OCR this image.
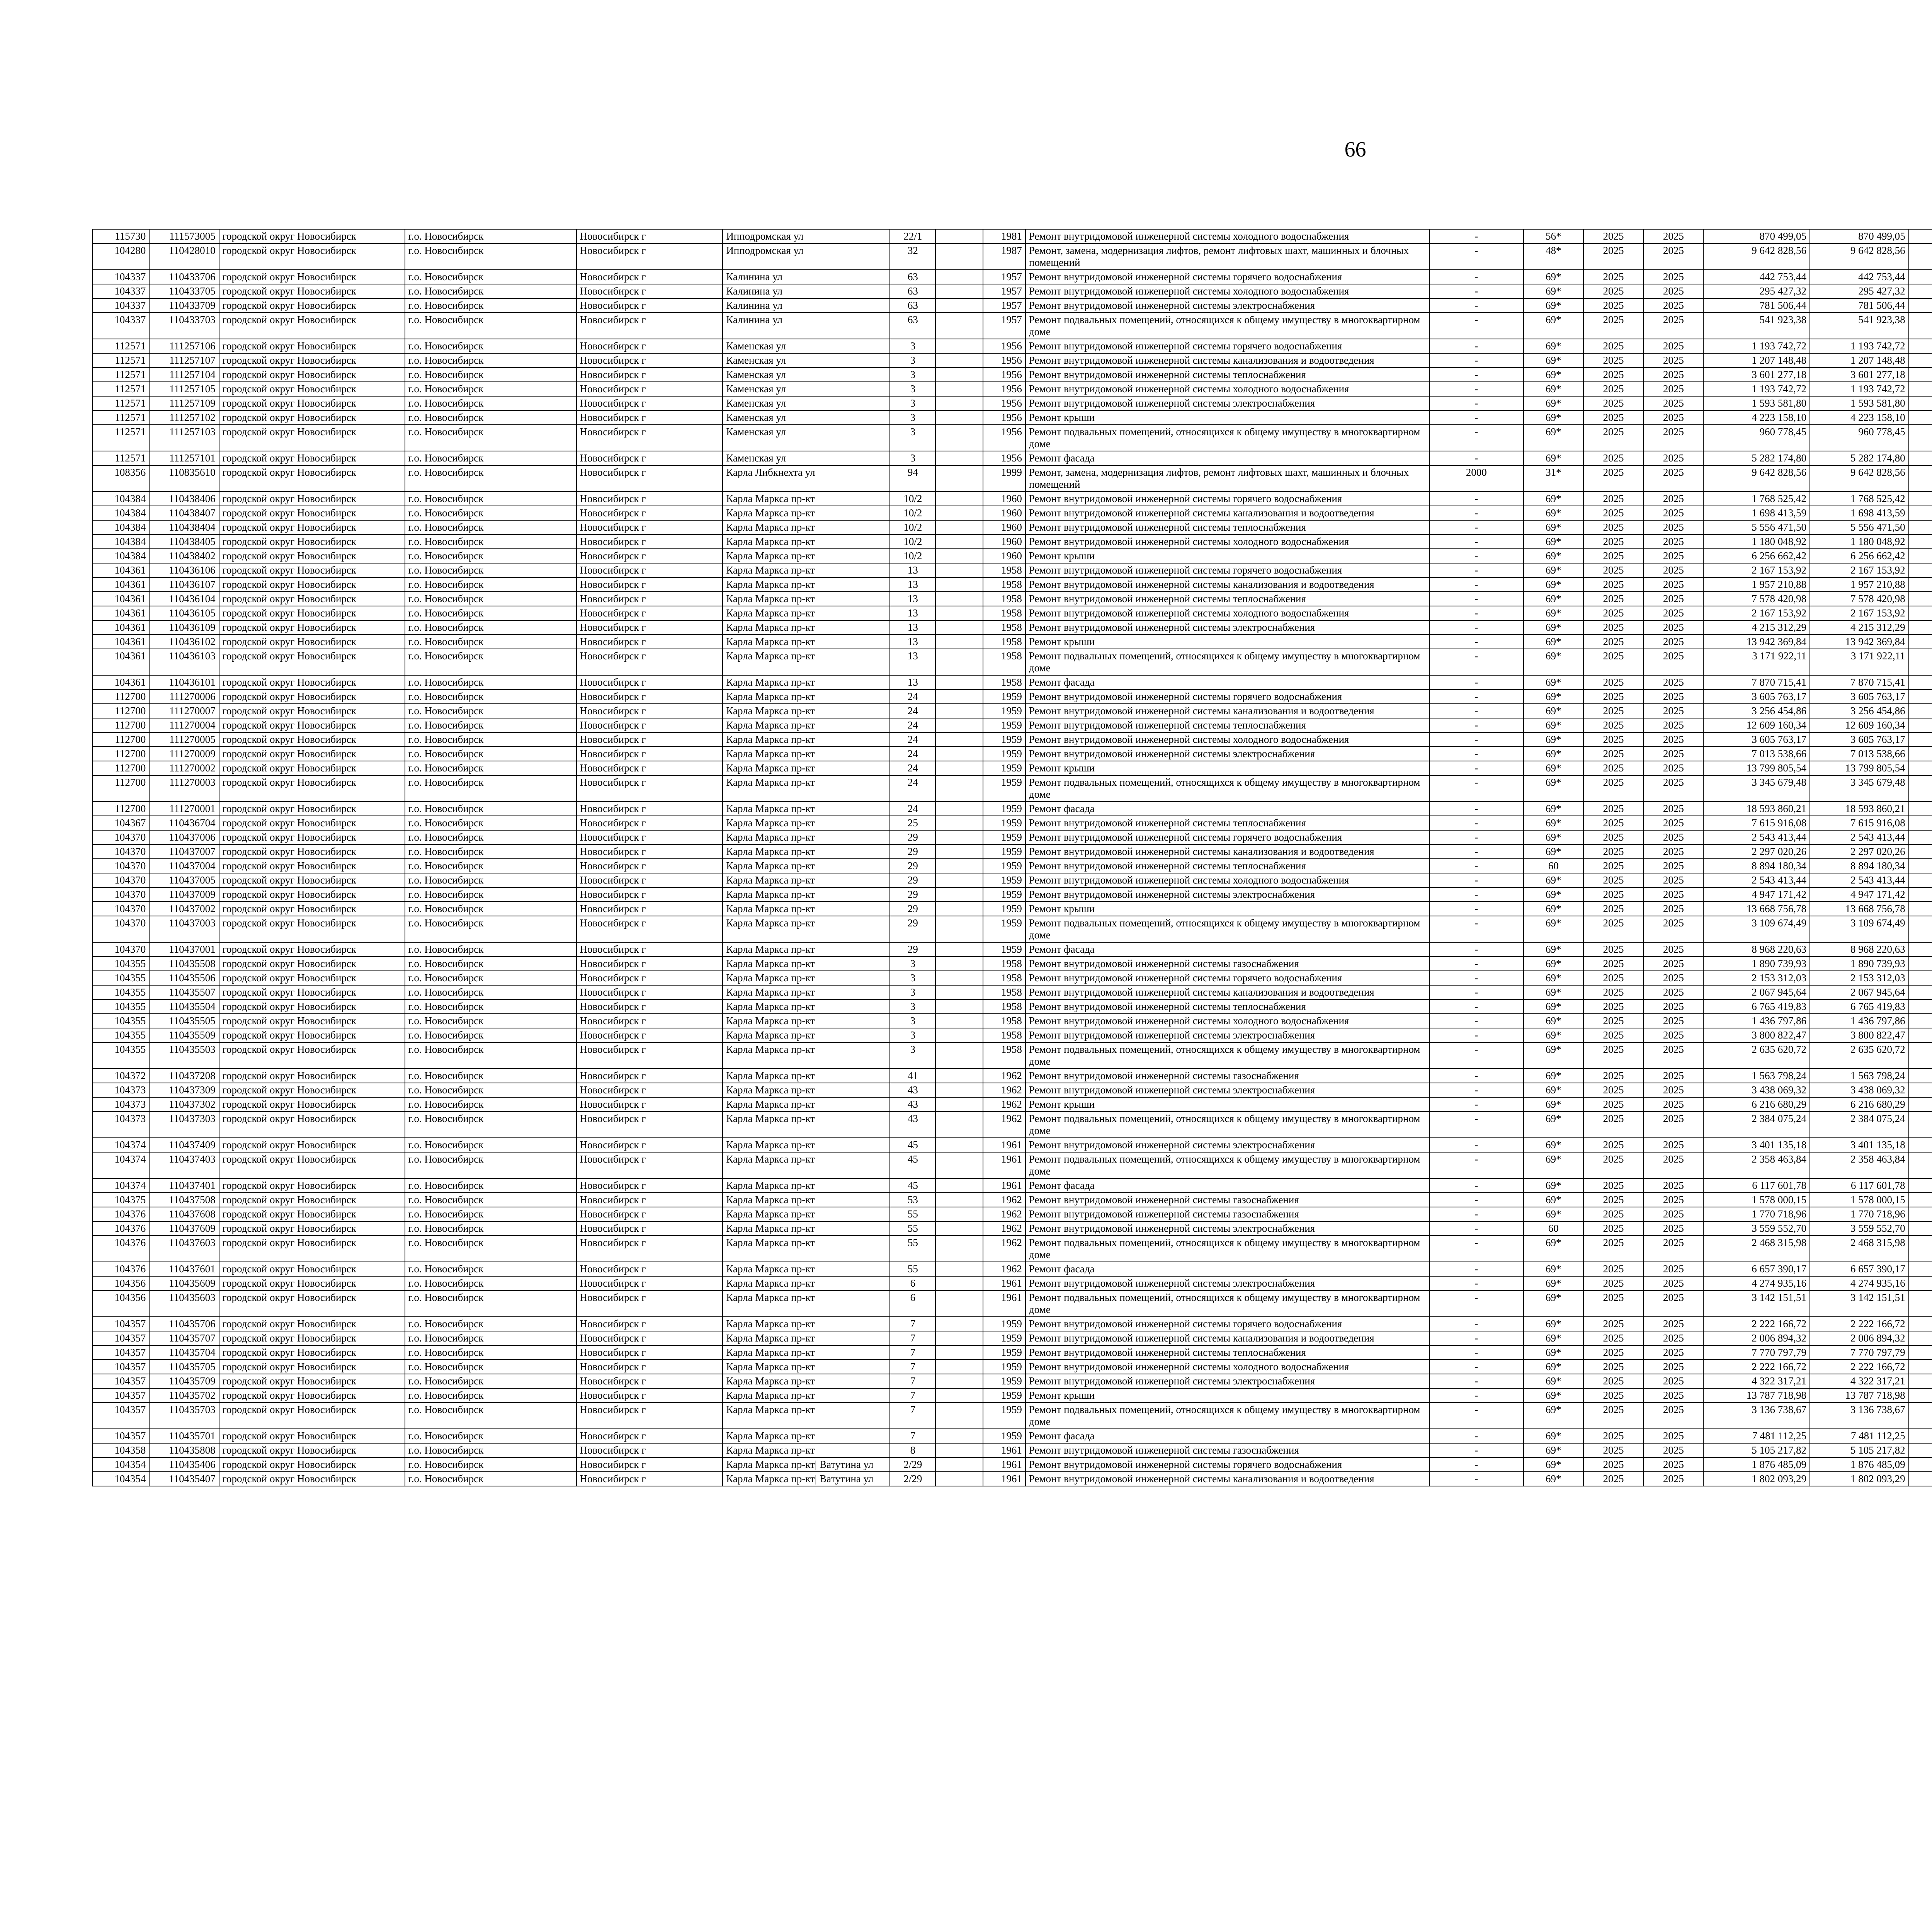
66
115730	111573005	городской округ Новосибирск	г.о. Новосибирск	Новосибирск г	Ипподромская ул	22/1		1981	Ремонт внутридомовой инженерной системы холодного водоснабжения	-	56*	2025	2025	870 499,05	870 499,05						
104280	110428010	городской округ Новосибирск	г.о. Новосибирск	Новосибирск г	Ипподромская ул	32		1987	Ремонт, замена, модернизация лифтов, ремонт лифтовых шахт, машинных и блочных помещений	-	48*	2025	2025	9 642 828,56	9 642 828,56						
104337	110433706	городской округ Новосибирск	г.о. Новосибирск	Новосибирск г	Калинина ул	63		1957	Ремонт внутридомовой инженерной системы горячего водоснабжения	-	69*	2025	2025	442 753,44	442 753,44						
104337	110433705	городской округ Новосибирск	г.о. Новосибирск	Новосибирск г	Калинина ул	63		1957	Ремонт внутридомовой инженерной системы холодного водоснабжения	-	69*	2025	2025	295 427,32	295 427,32						
104337	110433709	городской округ Новосибирск	г.о. Новосибирск	Новосибирск г	Калинина ул	63		1957	Ремонт внутридомовой инженерной системы электроснабжения	-	69*	2025	2025	781 506,44	781 506,44						
104337	110433703	городской округ Новосибирск	г.о. Новосибирск	Новосибирск г	Калинина ул	63		1957	Ремонт подвальных помещений, относящихся к общему имуществу в многоквартирном доме	-	69*	2025	2025	541 923,38	541 923,38						
112571	111257106	городской округ Новосибирск	г.о. Новосибирск	Новосибирск г	Каменская ул	3		1956	Ремонт внутридомовой инженерной системы горячего водоснабжения	-	69*	2025	2025	1 193 742,72	1 193 742,72						
112571	111257107	городской округ Новосибирск	г.о. Новосибирск	Новосибирск г	Каменская ул	3		1956	Ремонт внутридомовой инженерной системы канализования и водоотведения	-	69*	2025	2025	1 207 148,48	1 207 148,48						
112571	111257104	городской округ Новосибирск	г.о. Новосибирск	Новосибирск г	Каменская ул	3		1956	Ремонт внутридомовой инженерной системы теплоснабжения	-	69*	2025	2025	3 601 277,18	3 601 277,18						
112571	111257105	городской округ Новосибирск	г.о. Новосибирск	Новосибирск г	Каменская ул	3		1956	Ремонт внутридомовой инженерной системы холодного водоснабжения	-	69*	2025	2025	1 193 742,72	1 193 742,72						
112571	111257109	городской округ Новосибирск	г.о. Новосибирск	Новосибирск г	Каменская ул	3		1956	Ремонт внутридомовой инженерной системы электроснабжения	-	69*	2025	2025	1 593 581,80	1 593 581,80						
112571	111257102	городской округ Новосибирск	г.о. Новосибирск	Новосибирск г	Каменская ул	3		1956	Ремонт крыши	-	69*	2025	2025	4 223 158,10	4 223 158,10						
112571	111257103	городской округ Новосибирск	г.о. Новосибирск	Новосибирск г	Каменская ул	3		1956	Ремонт подвальных помещений, относящихся к общему имуществу в многоквартирном доме	-	69*	2025	2025	960 778,45	960 778,45						
112571	111257101	городской округ Новосибирск	г.о. Новосибирск	Новосибирск г	Каменская ул	3		1956	Ремонт фасада	-	69*	2025	2025	5 282 174,80	5 282 174,80						
108356	110835610	городской округ Новосибирск	г.о. Новосибирск	Новосибирск г	Карла Либкнехта ул	94		1999	Ремонт, замена, модернизация лифтов, ремонт лифтовых шахт, машинных и блочных помещений	2000	31*	2025	2025	9 642 828,56	9 642 828,56						
104384	110438406	городской округ Новосибирск	г.о. Новосибирск	Новосибирск г	Карла Маркса пр-кт	10/2		1960	Ремонт внутридомовой инженерной системы горячего водоснабжения	-	69*	2025	2025	1 768 525,42	1 768 525,42						
104384	110438407	городской округ Новосибирск	г.о. Новосибирск	Новосибирск г	Карла Маркса пр-кт	10/2		1960	Ремонт внутридомовой инженерной системы канализования и водоотведения	-	69*	2025	2025	1 698 413,59	1 698 413,59						
104384	110438404	городской округ Новосибирск	г.о. Новосибирск	Новосибирск г	Карла Маркса пр-кт	10/2		1960	Ремонт внутридомовой инженерной системы теплоснабжения	-	69*	2025	2025	5 556 471,50	5 556 471,50						
104384	110438405	городской округ Новосибирск	г.о. Новосибирск	Новосибирск г	Карла Маркса пр-кт	10/2		1960	Ремонт внутридомовой инженерной системы холодного водоснабжения	-	69*	2025	2025	1 180 048,92	1 180 048,92						
104384	110438402	городской округ Новосибирск	г.о. Новосибирск	Новосибирск г	Карла Маркса пр-кт	10/2		1960	Ремонт крыши	-	69*	2025	2025	6 256 662,42	6 256 662,42						
104361	110436106	городской округ Новосибирск	г.о. Новосибирск	Новосибирск г	Карла Маркса пр-кт	13		1958	Ремонт внутридомовой инженерной системы горячего водоснабжения	-	69*	2025	2025	2 167 153,92	2 167 153,92						
104361	110436107	городской округ Новосибирск	г.о. Новосибирск	Новосибирск г	Карла Маркса пр-кт	13		1958	Ремонт внутридомовой инженерной системы канализования и водоотведения	-	69*	2025	2025	1 957 210,88	1 957 210,88						
104361	110436104	городской округ Новосибирск	г.о. Новосибирск	Новосибирск г	Карла Маркса пр-кт	13		1958	Ремонт внутридомовой инженерной системы теплоснабжения	-	69*	2025	2025	7 578 420,98	7 578 420,98						
104361	110436105	городской округ Новосибирск	г.о. Новосибирск	Новосибирск г	Карла Маркса пр-кт	13		1958	Ремонт внутридомовой инженерной системы холодного водоснабжения	-	69*	2025	2025	2 167 153,92	2 167 153,92						
104361	110436109	городской округ Новосибирск	г.о. Новосибирск	Новосибирск г	Карла Маркса пр-кт	13		1958	Ремонт внутридомовой инженерной системы электроснабжения	-	69*	2025	2025	4 215 312,29	4 215 312,29						
104361	110436102	городской округ Новосибирск	г.о. Новосибирск	Новосибирск г	Карла Маркса пр-кт	13		1958	Ремонт крыши	-	69*	2025	2025	13 942 369,84	13 942 369,84						
104361	110436103	городской округ Новосибирск	г.о. Новосибирск	Новосибирск г	Карла Маркса пр-кт	13		1958	Ремонт подвальных помещений, относящихся к общему имуществу в многоквартирном доме	-	69*	2025	2025	3 171 922,11	3 171 922,11						
104361	110436101	городской округ Новосибирск	г.о. Новосибирск	Новосибирск г	Карла Маркса пр-кт	13		1958	Ремонт фасада	-	69*	2025	2025	7 870 715,41	7 870 715,41						
112700	111270006	городской округ Новосибирск	г.о. Новосибирск	Новосибирск г	Карла Маркса пр-кт	24		1959	Ремонт внутридомовой инженерной системы горячего водоснабжения	-	69*	2025	2025	3 605 763,17	3 605 763,17						
112700	111270007	городской округ Новосибирск	г.о. Новосибирск	Новосибирск г	Карла Маркса пр-кт	24		1959	Ремонт внутридомовой инженерной системы канализования и водоотведения	-	69*	2025	2025	3 256 454,86	3 256 454,86						
112700	111270004	городской округ Новосибирск	г.о. Новосибирск	Новосибирск г	Карла Маркса пр-кт	24		1959	Ремонт внутридомовой инженерной системы теплоснабжения	-	69*	2025	2025	12 609 160,34	12 609 160,34						
112700	111270005	городской округ Новосибирск	г.о. Новосибирск	Новосибирск г	Карла Маркса пр-кт	24		1959	Ремонт внутридомовой инженерной системы холодного водоснабжения	-	69*	2025	2025	3 605 763,17	3 605 763,17						
112700	111270009	городской округ Новосибирск	г.о. Новосибирск	Новосибирск г	Карла Маркса пр-кт	24		1959	Ремонт внутридомовой инженерной системы электроснабжения	-	69*	2025	2025	7 013 538,66	7 013 538,66						
112700	111270002	городской округ Новосибирск	г.о. Новосибирск	Новосибирск г	Карла Маркса пр-кт	24		1959	Ремонт крыши	-	69*	2025	2025	13 799 805,54	13 799 805,54						
112700	111270003	городской округ Новосибирск	г.о. Новосибирск	Новосибирск г	Карла Маркса пр-кт	24		1959	Ремонт подвальных помещений, относящихся к общему имуществу в многоквартирном доме	-	69*	2025	2025	3 345 679,48	3 345 679,48						
112700	111270001	городской округ Новосибирск	г.о. Новосибирск	Новосибирск г	Карла Маркса пр-кт	24		1959	Ремонт фасада	-	69*	2025	2025	18 593 860,21	18 593 860,21						
104367	110436704	городской округ Новосибирск	г.о. Новосибирск	Новосибирск г	Карла Маркса пр-кт	25		1959	Ремонт внутридомовой инженерной системы теплоснабжения	-	69*	2025	2025	7 615 916,08	7 615 916,08						
104370	110437006	городской округ Новосибирск	г.о. Новосибирск	Новосибирск г	Карла Маркса пр-кт	29		1959	Ремонт внутридомовой инженерной системы горячего водоснабжения	-	69*	2025	2025	2 543 413,44	2 543 413,44						
104370	110437007	городской округ Новосибирск	г.о. Новосибирск	Новосибирск г	Карла Маркса пр-кт	29		1959	Ремонт внутридомовой инженерной системы канализования и водоотведения	-	69*	2025	2025	2 297 020,26	2 297 020,26						
104370	110437004	городской округ Новосибирск	г.о. Новосибирск	Новосибирск г	Карла Маркса пр-кт	29		1959	Ремонт внутридомовой инженерной системы теплоснабжения	-	60	2025	2025	8 894 180,34	8 894 180,34						
104370	110437005	городской округ Новосибирск	г.о. Новосибирск	Новосибирск г	Карла Маркса пр-кт	29		1959	Ремонт внутридомовой инженерной системы холодного водоснабжения	-	69*	2025	2025	2 543 413,44	2 543 413,44						
104370	110437009	городской округ Новосибирск	г.о. Новосибирск	Новосибирск г	Карла Маркса пр-кт	29		1959	Ремонт внутридомовой инженерной системы электроснабжения	-	69*	2025	2025	4 947 171,42	4 947 171,42						
104370	110437002	городской округ Новосибирск	г.о. Новосибирск	Новосибирск г	Карла Маркса пр-кт	29		1959	Ремонт крыши	-	69*	2025	2025	13 668 756,78	13 668 756,78						
104370	110437003	городской округ Новосибирск	г.о. Новосибирск	Новосибирск г	Карла Маркса пр-кт	29		1959	Ремонт подвальных помещений, относящихся к общему имуществу в многоквартирном доме	-	69*	2025	2025	3 109 674,49	3 109 674,49						
104370	110437001	городской округ Новосибирск	г.о. Новосибирск	Новосибирск г	Карла Маркса пр-кт	29		1959	Ремонт фасада	-	69*	2025	2025	8 968 220,63	8 968 220,63						
104355	110435508	городской округ Новосибирск	г.о. Новосибирск	Новосибирск г	Карла Маркса пр-кт	3		1958	Ремонт внутридомовой инженерной системы газоснабжения	-	69*	2025	2025	1 890 739,93	1 890 739,93						
104355	110435506	городской округ Новосибирск	г.о. Новосибирск	Новосибирск г	Карла Маркса пр-кт	3		1958	Ремонт внутридомовой инженерной системы горячего водоснабжения	-	69*	2025	2025	2 153 312,03	2 153 312,03						
104355	110435507	городской округ Новосибирск	г.о. Новосибирск	Новосибирск г	Карла Маркса пр-кт	3		1958	Ремонт внутридомовой инженерной системы канализования и водоотведения	-	69*	2025	2025	2 067 945,64	2 067 945,64						
104355	110435504	городской округ Новосибирск	г.о. Новосибирск	Новосибирск г	Карла Маркса пр-кт	3		1958	Ремонт внутридомовой инженерной системы теплоснабжения	-	69*	2025	2025	6 765 419,83	6 765 419,83						
104355	110435505	городской округ Новосибирск	г.о. Новосибирск	Новосибирск г	Карла Маркса пр-кт	3		1958	Ремонт внутридомовой инженерной системы холодного водоснабжения	-	69*	2025	2025	1 436 797,86	1 436 797,86						
104355	110435509	городской округ Новосибирск	г.о. Новосибирск	Новосибирск г	Карла Маркса пр-кт	3		1958	Ремонт внутридомовой инженерной системы электроснабжения	-	69*	2025	2025	3 800 822,47	3 800 822,47						
104355	110435503	городской округ Новосибирск	г.о. Новосибирск	Новосибирск г	Карла Маркса пр-кт	3		1958	Ремонт подвальных помещений, относящихся к общему имуществу в многоквартирном доме	-	69*	2025	2025	2 635 620,72	2 635 620,72						
104372	110437208	городской округ Новосибирск	г.о. Новосибирск	Новосибирск г	Карла Маркса пр-кт	41		1962	Ремонт внутридомовой инженерной системы газоснабжения	-	69*	2025	2025	1 563 798,24	1 563 798,24						
104373	110437309	городской округ Новосибирск	г.о. Новосибирск	Новосибирск г	Карла Маркса пр-кт	43		1962	Ремонт внутридомовой инженерной системы электроснабжения	-	69*	2025	2025	3 438 069,32	3 438 069,32						
104373	110437302	городской округ Новосибирск	г.о. Новосибирск	Новосибирск г	Карла Маркса пр-кт	43		1962	Ремонт крыши	-	69*	2025	2025	6 216 680,29	6 216 680,29						
104373	110437303	городской округ Новосибирск	г.о. Новосибирск	Новосибирск г	Карла Маркса пр-кт	43		1962	Ремонт подвальных помещений, относящихся к общему имуществу в многоквартирном доме	-	69*	2025	2025	2 384 075,24	2 384 075,24						
104374	110437409	городской округ Новосибирск	г.о. Новосибирск	Новосибирск г	Карла Маркса пр-кт	45		1961	Ремонт внутридомовой инженерной системы электроснабжения	-	69*	2025	2025	3 401 135,18	3 401 135,18						
104374	110437403	городской округ Новосибирск	г.о. Новосибирск	Новосибирск г	Карла Маркса пр-кт	45		1961	Ремонт подвальных помещений, относящихся к общему имуществу в многоквартирном доме	-	69*	2025	2025	2 358 463,84	2 358 463,84						
104374	110437401	городской округ Новосибирск	г.о. Новосибирск	Новосибирск г	Карла Маркса пр-кт	45		1961	Ремонт фасада	-	69*	2025	2025	6 117 601,78	6 117 601,78						
104375	110437508	городской округ Новосибирск	г.о. Новосибирск	Новосибирск г	Карла Маркса пр-кт	53		1962	Ремонт внутридомовой инженерной системы газоснабжения	-	69*	2025	2025	1 578 000,15	1 578 000,15						
104376	110437608	городской округ Новосибирск	г.о. Новосибирск	Новосибирск г	Карла Маркса пр-кт	55		1962	Ремонт внутридомовой инженерной системы газоснабжения	-	69*	2025	2025	1 770 718,96	1 770 718,96						
104376	110437609	городской округ Новосибирск	г.о. Новосибирск	Новосибирск г	Карла Маркса пр-кт	55		1962	Ремонт внутридомовой инженерной системы электроснабжения	-	60	2025	2025	3 559 552,70	3 559 552,70						
104376	110437603	городской округ Новосибирск	г.о. Новосибирск	Новосибирск г	Карла Маркса пр-кт	55		1962	Ремонт подвальных помещений, относящихся к общему имуществу в многоквартирном доме	-	69*	2025	2025	2 468 315,98	2 468 315,98						
104376	110437601	городской округ Новосибирск	г.о. Новосибирск	Новосибирск г	Карла Маркса пр-кт	55		1962	Ремонт фасада	-	69*	2025	2025	6 657 390,17	6 657 390,17						
104356	110435609	городской округ Новосибирск	г.о. Новосибирск	Новосибирск г	Карла Маркса пр-кт	6		1961	Ремонт внутридомовой инженерной системы электроснабжения	-	69*	2025	2025	4 274 935,16	4 274 935,16						
104356	110435603	городской округ Новосибирск	г.о. Новосибирск	Новосибирск г	Карла Маркса пр-кт	6		1961	Ремонт подвальных помещений, относящихся к общему имуществу в многоквартирном доме	-	69*	2025	2025	3 142 151,51	3 142 151,51						
104357	110435706	городской округ Новосибирск	г.о. Новосибирск	Новосибирск г	Карла Маркса пр-кт	7		1959	Ремонт внутридомовой инженерной системы горячего водоснабжения	-	69*	2025	2025	2 222 166,72	2 222 166,72						
104357	110435707	городской округ Новосибирск	г.о. Новосибирск	Новосибирск г	Карла Маркса пр-кт	7		1959	Ремонт внутридомовой инженерной системы канализования и водоотведения	-	69*	2025	2025	2 006 894,32	2 006 894,32						
104357	110435704	городской округ Новосибирск	г.о. Новосибирск	Новосибирск г	Карла Маркса пр-кт	7		1959	Ремонт внутридомовой инженерной системы теплоснабжения	-	69*	2025	2025	7 770 797,79	7 770 797,79						
104357	110435705	городской округ Новосибирск	г.о. Новосибирск	Новосибирск г	Карла Маркса пр-кт	7		1959	Ремонт внутридомовой инженерной системы холодного водоснабжения	-	69*	2025	2025	2 222 166,72	2 222 166,72						
104357	110435709	городской округ Новосибирск	г.о. Новосибирск	Новосибирск г	Карла Маркса пр-кт	7		1959	Ремонт внутридомовой инженерной системы электроснабжения	-	69*	2025	2025	4 322 317,21	4 322 317,21						
104357	110435702	городской округ Новосибирск	г.о. Новосибирск	Новосибирск г	Карла Маркса пр-кт	7		1959	Ремонт крыши	-	69*	2025	2025	13 787 718,98	13 787 718,98						
104357	110435703	городской округ Новосибирск	г.о. Новосибирск	Новосибирск г	Карла Маркса пр-кт	7		1959	Ремонт подвальных помещений, относящихся к общему имуществу в многоквартирном доме	-	69*	2025	2025	3 136 738,67	3 136 738,67						
104357	110435701	городской округ Новосибирск	г.о. Новосибирск	Новосибирск г	Карла Маркса пр-кт	7		1959	Ремонт фасада	-	69*	2025	2025	7 481 112,25	7 481 112,25						
104358	110435808	городской округ Новосибирск	г.о. Новосибирск	Новосибирск г	Карла Маркса пр-кт	8		1961	Ремонт внутридомовой инженерной системы газоснабжения	-	69*	2025	2025	5 105 217,82	5 105 217,82						
104354	110435406	городской округ Новосибирск	г.о. Новосибирск	Новосибирск г	Карла Маркса пр-кт| Ватутина ул	2/29		1961	Ремонт внутридомовой инженерной системы горячего водоснабжения	-	69*	2025	2025	1 876 485,09	1 876 485,09						
104354	110435407	городской округ Новосибирск	г.о. Новосибирск	Новосибирск г	Карла Маркса пр-кт| Ватутина ул	2/29		1961	Ремонт внутридомовой инженерной системы канализования и водоотведения	-	69*	2025	2025	1 802 093,29	1 802 093,29						
